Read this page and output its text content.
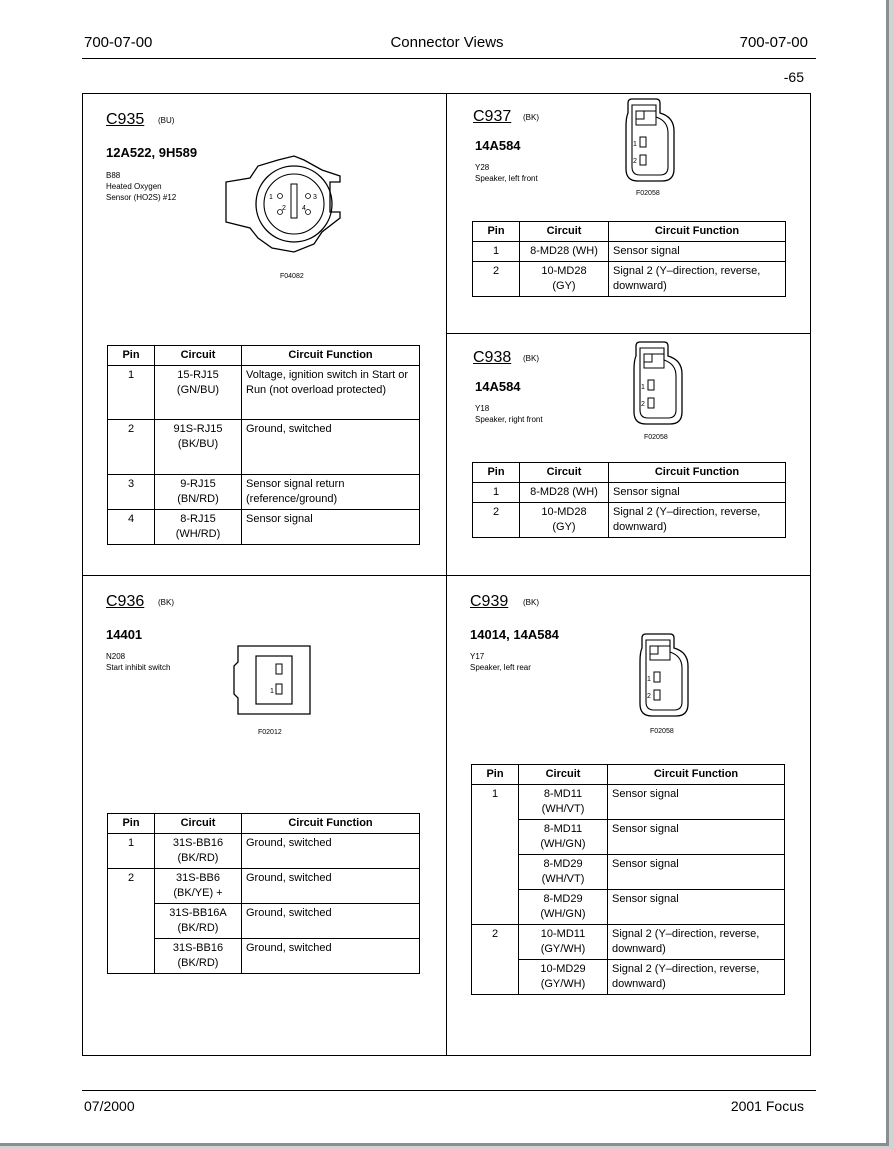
700-07-00	Connector Views	700-07-00
-65
C935 (BU)
12A522, 9H589
B88
Heated Oxygen
Sensor (HO2S) #12	1
2
3
4
F04082
Pin	Circuit	Circuit Function
1	15-RJ15
(GN/BU)	Voltage, ignition switch in Start or Run (not overload protected)
2	91S-RJ15
(BK/BU)	Ground, switched
3	9-RJ15
(BN/RD)	Sensor signal return (reference/ground)
4	8-RJ15
(WH/RD)	Sensor signal
C937 (BK)
14A584
Y28
Speaker, left front
1
2
F02058
Pin	Circuit	Circuit Function
1	8-MD28 (WH)	Sensor signal
2	10-MD28
(GY)	Signal 2 (Y–direction, reverse, downward)
C938 (BK)
14A584
Y18
Speaker, right front
1
2
F02058
Pin	Circuit	Circuit Function
1	8-MD28 (WH)	Sensor signal
2	10-MD28
(GY)	Signal 2 (Y–direction, reverse, downward)
C936 (BK)
14401
N208
Start inhibit switch
1
F02012
Pin	Circuit	Circuit Function
1	31S-BB16
(BK/RD)	Ground, switched
2	31S-BB6
(BK/YE) +	Ground, switched

	31S-BB16A
(BK/RD)	Ground, switched

	31S-BB16
(BK/RD)	Ground, switched
C939 (BK)
14014, 14A584
Y17
Speaker, left rear
1
2
F02058
Pin	Circuit	Circuit Function
1	8-MD11
(WH/VT)	Sensor signal

	8-MD11
(WH/GN)	Sensor signal

	8-MD29
(WH/VT)	Sensor signal

	8-MD29
(WH/GN)	Sensor signal
2	10-MD11
(GY/WH)	Signal 2 (Y–direction, reverse, downward)

	10-MD29
(GY/WH)	Signal 2 (Y–direction, reverse, downward)
07/2000	2001 Focus
